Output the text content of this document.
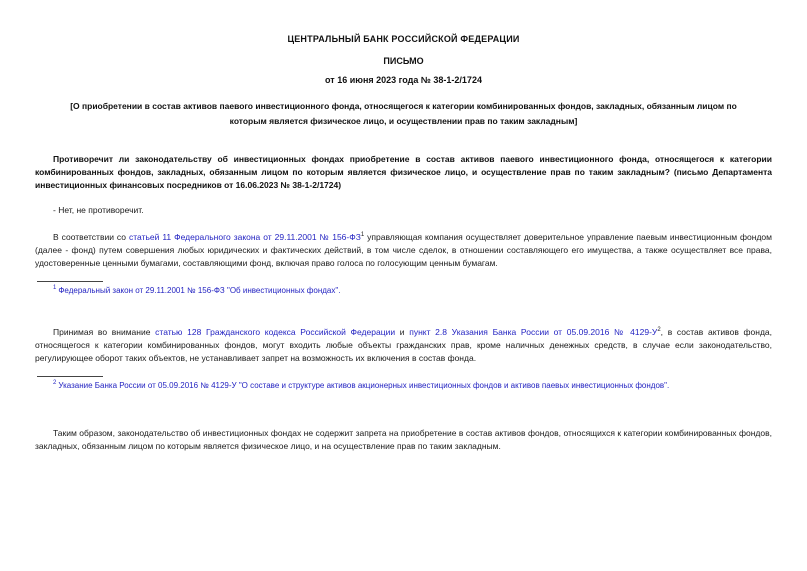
ЦЕНТРАЛЬНЫЙ БАНК РОССИЙСКОЙ ФЕДЕРАЦИИ
ПИСЬМО
от 16 июня 2023 года № 38-1-2/1724
[О приобретении в состав активов паевого инвестиционного фонда, относящегося к категории комбинированных фондов, закладных, обязанным лицом по которым является физическое лицо, и осуществлении прав по таким закладным]

Противоречит ли законодательству об инвестиционных фондах приобретение в состав активов паевого инвестиционного фонда, относящегося к категории комбинированных фондов, закладных, обязанным лицом по которым является физическое лицо, и осуществление прав по таким закладным? (письмо Департамента инвестиционных финансовых посредников от 16.06.2023 № 38-1-2/1724)

- Нет, не противоречит.

В соответствии со статьей 11 Федерального закона от 29.11.2001 № $156-ФЗ^1$ управляющая компания осуществляет доверительное управление паевым инвестиционным фондом (далее - фонд) путем совершения любых юридических и фактических действий, в том числе сделок, в отношении составляющего его имущества, а также осуществляет все права, удостоверенные ценными бумагами, составляющими фонд, включая право голоса по голосующим ценным бумагам.

$^1$ Федеральный закон от 29.11.2001 № 156-ФЗ "Об инвестиционных фондах".

Принимая во внимание статью 128 Гражданского кодекса Российской Федерации и пункт 2.8 Указания Банка России от 05.09.2016 № $4129-У^2$, в состав активов фонда, относящегося к категории комбинированных фондов, могут входить любые объекты гражданских прав, кроме наличных денежных средств, в случае если законодательство, регулирующее оборот таких объектов, не устанавливает запрет на возможность их включения в состав фонда.

$^2$ Указание Банка России от 05.09.2016 № 4129-У "О составе и структуре активов акционерных инвестиционных фондов и активов паевых инвестиционных фондов".

Таким образом, законодательство об инвестиционных фондах не содержит запрета на приобретение в состав активов фондов, относящихся к категории комбинированных фондов, закладных, обязанным лицом по которым является физическое лицо, и на осуществление прав по таким закладным.
